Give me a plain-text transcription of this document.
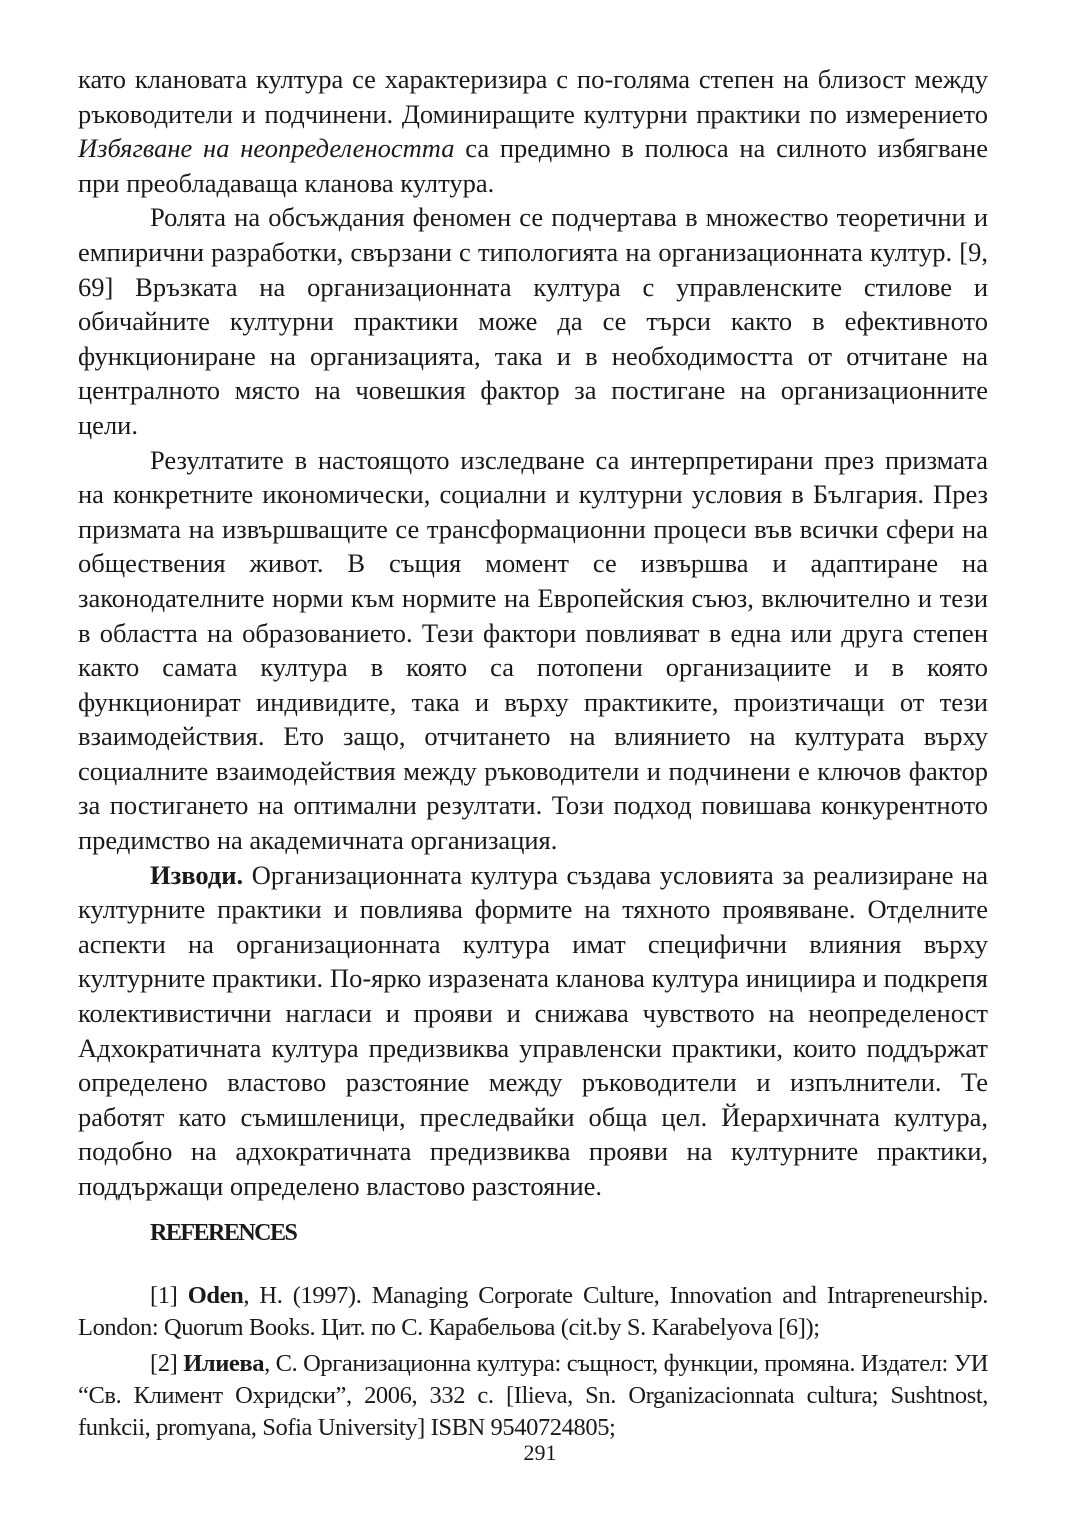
като клановата култура се характеризира с по-голяма степен на близост между ръководители и подчинени. Доминиращите културни практики по измерението Избягване на неопределеността са предимно в полюса на силното избягване при преобладаваща кланова култура.

Ролята на обсъждания феномен се подчертава в множество теоретични и емпирични разработки, свързани с типологията на организационната култур. [9, 69] Връзката на организационната култура с управленските стилове и обичайните културни практики може да се търси както в ефективното функциониране на организацията, така и в необходимостта от отчитане на централното място на човешкия фактор за постигане на организационните цели.

Резултатите в настоящото изследване са интерпретирани през призмата на конкретните икономически, социални и културни условия в България. През призмата на извършващите се трансформационни процеси във всички сфери на обществения живот. В същия момент се извършва и адаптиране на законодателните норми към нормите на Европейския съюз, включително и тези в областта на образованието. Тези фактори повлияват в една или друга степен както самата култура в която са потопени организациите и в която функционират индивидите, така и върху практиките, произтичащи от тези взаимодействия. Ето защо, отчитането на влиянието на културата върху социалните взаимодействия между ръководители и подчинени е ключов фактор за постигането на оптимални резултати. Този подход повишава конкурентното предимство на академичната организация.

Изводи. Организационната култура създава условията за реализиране на културните практики и повлиява формите на тяхното проявяване. Отделните аспекти на организационната култура имат специфични влияния върху културните практики. По-ярко изразената кланова култура инициира и подкрепя колективистични нагласи и прояви и снижава чувството на неопределеност Адхократичната култура предизвиква управленски практики, които поддържат определено властово разстояние между ръководители и изпълнители. Те работят като съмишленици, преследвайки обща цел. Йерархичната култура, подобно на адхократичната предизвиква прояви на културните практики, поддържащи определено властово разстояние.

REFERENCES

[1] Oden, H. (1997). Managing Corporate Culture, Innovation and Intrapreneurship. London: Quorum Books. Цит. по С. Карабельова (cit.by S. Karabelyova [6]);

[2] Илиева, С. Организационна култура: същност, функции, промяна. Издател: УИ “Св. Климент Охридски”, 2006, 332 с. [Ilieva, Sn. Organizacionnata cultura; Sushtnost, funkcii, promyana, Sofia University] ISBN 9540724805;

291
